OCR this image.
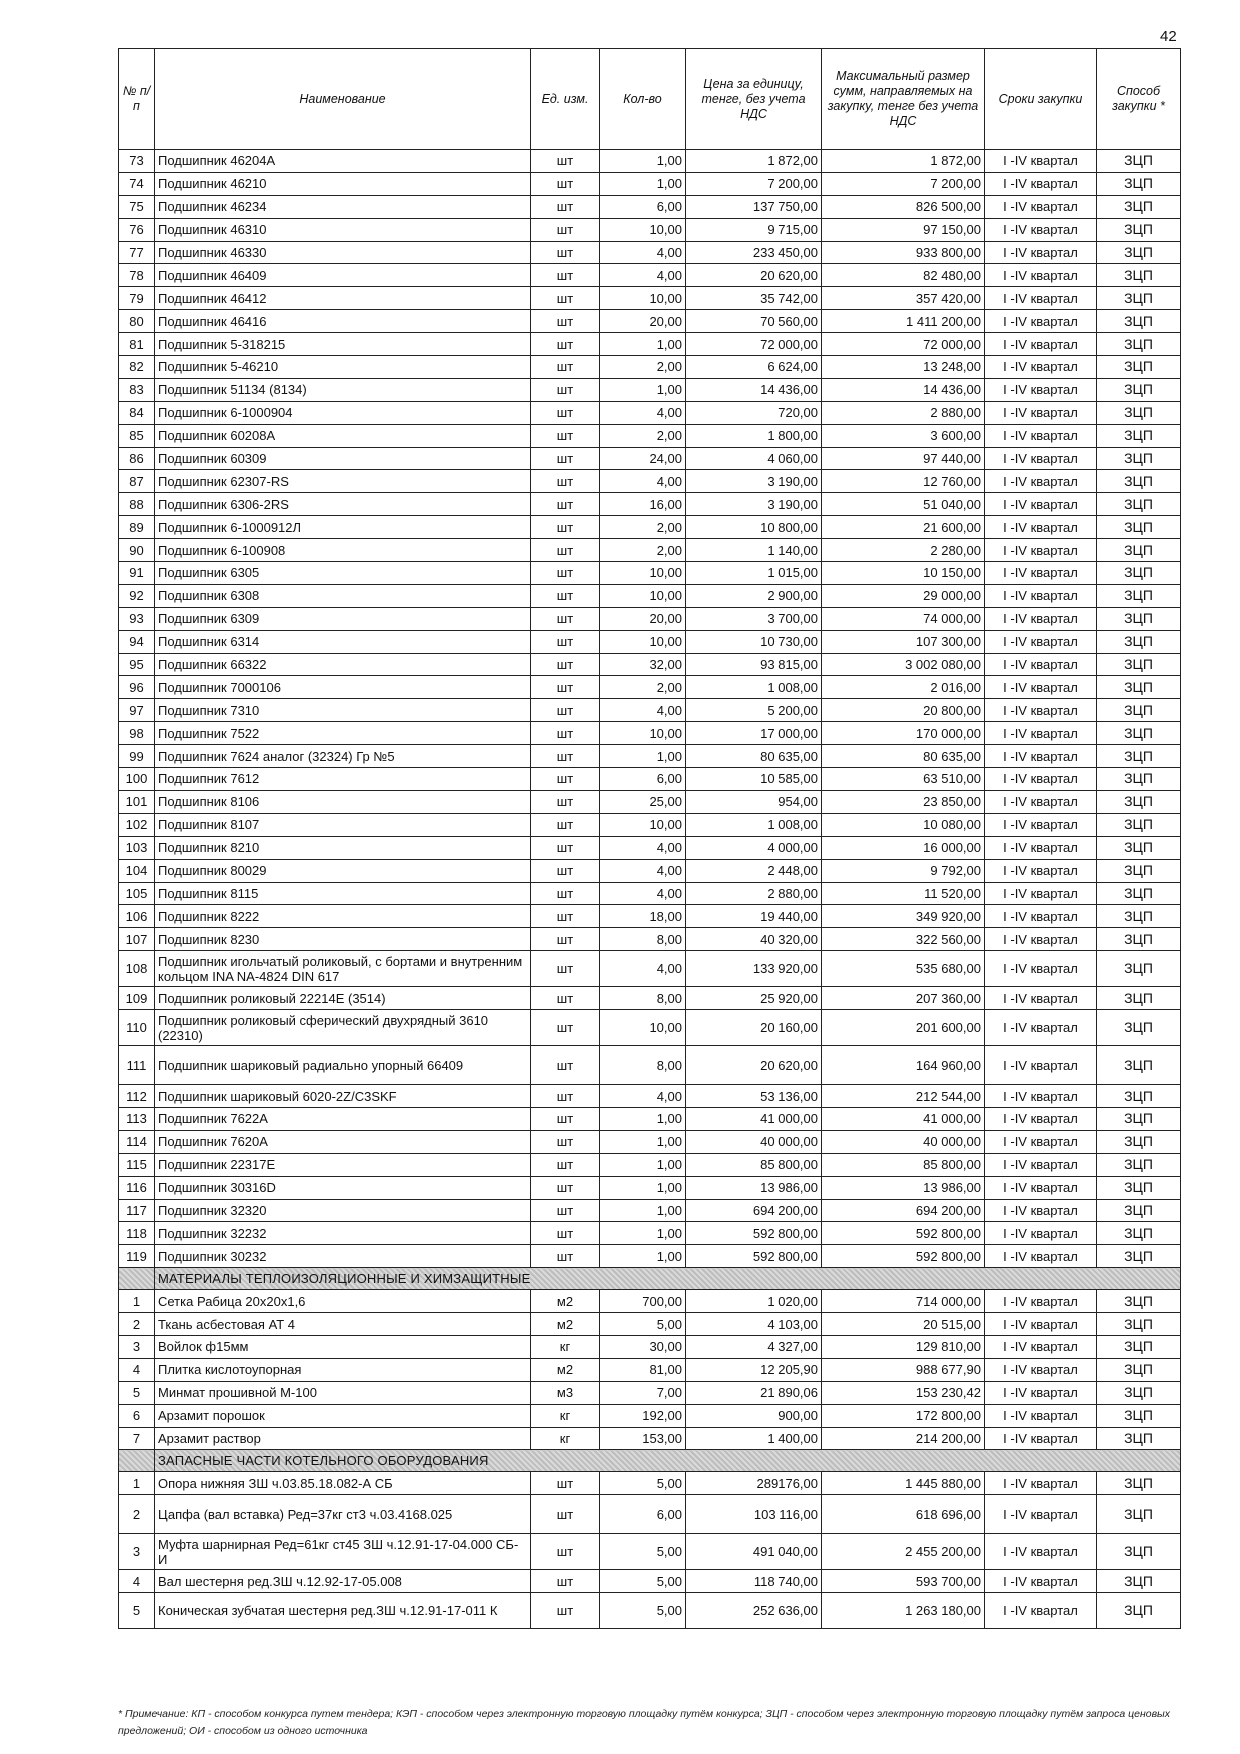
42
№ п/п	Наименование	Ед. изм.	Кол-во	Цена за единицу, тенге, без учета НДС	Максимальный размер сумм, направляемых на закупку, тенге без учета НДС	Сроки закупки	Способ закупки *
73	Подшипник 46204А	шт	1,00	1 872,00	1 872,00	I -IV квартал	ЗЦП
74	Подшипник 46210	шт	1,00	7 200,00	7 200,00	I -IV квартал	ЗЦП
75	Подшипник 46234	шт	6,00	137 750,00	826 500,00	I -IV квартал	ЗЦП
76	Подшипник 46310	шт	10,00	9 715,00	97 150,00	I -IV квартал	ЗЦП
77	Подшипник 46330	шт	4,00	233 450,00	933 800,00	I -IV квартал	ЗЦП
78	Подшипник 46409	шт	4,00	20 620,00	82 480,00	I -IV квартал	ЗЦП
79	Подшипник 46412	шт	10,00	35 742,00	357 420,00	I -IV квартал	ЗЦП
80	Подшипник 46416	шт	20,00	70 560,00	1 411 200,00	I -IV квартал	ЗЦП
81	Подшипник 5-318215	шт	1,00	72 000,00	72 000,00	I -IV квартал	ЗЦП
82	Подшипник 5-46210	шт	2,00	6 624,00	13 248,00	I -IV квартал	ЗЦП
83	Подшипник 51134 (8134)	шт	1,00	14 436,00	14 436,00	I -IV квартал	ЗЦП
84	Подшипник 6-1000904	шт	4,00	720,00	2 880,00	I -IV квартал	ЗЦП
85	Подшипник 60208А	шт	2,00	1 800,00	3 600,00	I -IV квартал	ЗЦП
86	Подшипник 60309	шт	24,00	4 060,00	97 440,00	I -IV квартал	ЗЦП
87	Подшипник 62307-RS	шт	4,00	3 190,00	12 760,00	I -IV квартал	ЗЦП
88	Подшипник 6306-2RS	шт	16,00	3 190,00	51 040,00	I -IV квартал	ЗЦП
89	Подшипник 6-1000912Л	шт	2,00	10 800,00	21 600,00	I -IV квартал	ЗЦП
90	Подшипник 6-100908	шт	2,00	1 140,00	2 280,00	I -IV квартал	ЗЦП
91	Подшипник 6305	шт	10,00	1 015,00	10 150,00	I -IV квартал	ЗЦП
92	Подшипник 6308	шт	10,00	2 900,00	29 000,00	I -IV квартал	ЗЦП
93	Подшипник 6309	шт	20,00	3 700,00	74 000,00	I -IV квартал	ЗЦП
94	Подшипник 6314	шт	10,00	10 730,00	107 300,00	I -IV квартал	ЗЦП
95	Подшипник 66322	шт	32,00	93 815,00	3 002 080,00	I -IV квартал	ЗЦП
96	Подшипник 7000106	шт	2,00	1 008,00	2 016,00	I -IV квартал	ЗЦП
97	Подшипник 7310	шт	4,00	5 200,00	20 800,00	I -IV квартал	ЗЦП
98	Подшипник 7522	шт	10,00	17 000,00	170 000,00	I -IV квартал	ЗЦП
99	Подшипник 7624 аналог (32324) Гр №5	шт	1,00	80 635,00	80 635,00	I -IV квартал	ЗЦП
100	Подшипник 7612	шт	6,00	10 585,00	63 510,00	I -IV квартал	ЗЦП
101	Подшипник 8106	шт	25,00	954,00	23 850,00	I -IV квартал	ЗЦП
102	Подшипник 8107	шт	10,00	1 008,00	10 080,00	I -IV квартал	ЗЦП
103	Подшипник 8210	шт	4,00	4 000,00	16 000,00	I -IV квартал	ЗЦП
104	Подшипник 80029	шт	4,00	2 448,00	9 792,00	I -IV квартал	ЗЦП
105	Подшипник 8115	шт	4,00	2 880,00	11 520,00	I -IV квартал	ЗЦП
106	Подшипник 8222	шт	18,00	19 440,00	349 920,00	I -IV квартал	ЗЦП
107	Подшипник 8230	шт	8,00	40 320,00	322 560,00	I -IV квартал	ЗЦП
108	Подшипник игольчатый роликовый, с бортами и внутренним кольцом INA NA-4824 DIN 617	шт	4,00	133 920,00	535 680,00	I -IV квартал	ЗЦП
109	Подшипник роликовый 22214Е (3514)	шт	8,00	25 920,00	207 360,00	I -IV квартал	ЗЦП
110	Подшипник роликовый сферический двухрядный 3610 (22310)	шт	10,00	20 160,00	201 600,00	I -IV квартал	ЗЦП
111	Подшипник шариковый радиально упорный 66409	шт	8,00	20 620,00	164 960,00	I -IV квартал	ЗЦП
112	Подшипник шариковый 6020-2Z/C3SKF	шт	4,00	53 136,00	212 544,00	I -IV квартал	ЗЦП
113	Подшипник 7622А	шт	1,00	41 000,00	41 000,00	I -IV квартал	ЗЦП
114	Подшипник 7620А	шт	1,00	40 000,00	40 000,00	I -IV квартал	ЗЦП
115	Подшипник 22317Е	шт	1,00	85 800,00	85 800,00	I -IV квартал	ЗЦП
116	Подшипник 30316D	шт	1,00	13 986,00	13 986,00	I -IV квартал	ЗЦП
117	Подшипник 32320	шт	1,00	694 200,00	694 200,00	I -IV квартал	ЗЦП
118	Подшипник 32232	шт	1,00	592 800,00	592 800,00	I -IV квартал	ЗЦП
119	Подшипник 30232	шт	1,00	592 800,00	592 800,00	I -IV квартал	ЗЦП
	МАТЕРИАЛЫ ТЕПЛОИЗОЛЯЦИОННЫЕ И ХИМЗАЩИТНЫЕ						
1	Сетка Рабица 20х20х1,6	м2	700,00	1 020,00	714 000,00	I -IV квартал	ЗЦП
2	Ткань асбестовая АТ 4	м2	5,00	4 103,00	20 515,00	I -IV квартал	ЗЦП
3	Войлок ф15мм	кг	30,00	4 327,00	129 810,00	I -IV квартал	ЗЦП
4	Плитка кислотоупорная	м2	81,00	12 205,90	988 677,90	I -IV квартал	ЗЦП
5	Минмат прошивной М-100	м3	7,00	21 890,06	153 230,42	I -IV квартал	ЗЦП
6	Арзамит порошок	кг	192,00	900,00	172 800,00	I -IV квартал	ЗЦП
7	Арзамит раствор	кг	153,00	1 400,00	214 200,00	I -IV квартал	ЗЦП
	ЗАПАСНЫЕ ЧАСТИ КОТЕЛЬНОГО ОБОРУДОВАНИЯ						
1	Опора нижняя ЗШ ч.03.85.18.082-А СБ	шт	5,00	289176,00	1 445 880,00	I -IV квартал	ЗЦП
2	Цапфа (вал вставка) Ред=37кг ст3 ч.03.4168.025	шт	6,00	103 116,00	618 696,00	I -IV квартал	ЗЦП
3	Муфта шарнирная Ред=61кг ст45 ЗШ ч.12.91-17-04.000 СБ-И	шт	5,00	491 040,00	2 455 200,00	I -IV квартал	ЗЦП
4	Вал шестерня ред.ЗШ ч.12.92-17-05.008	шт	5,00	118 740,00	593 700,00	I -IV квартал	ЗЦП
5	Коническая зубчатая шестерня ред.ЗШ ч.12.91-17-011 К	шт	5,00	252 636,00	1 263 180,00	I -IV квартал	ЗЦП
* Примечание: КП - способом конкурса путем тендера; КЭП - способом через электронную торговую площадку путём конкурса; ЗЦП - способом через электронную торговую площадку путём запроса ценовых предложений; ОИ - способом из одного источника
